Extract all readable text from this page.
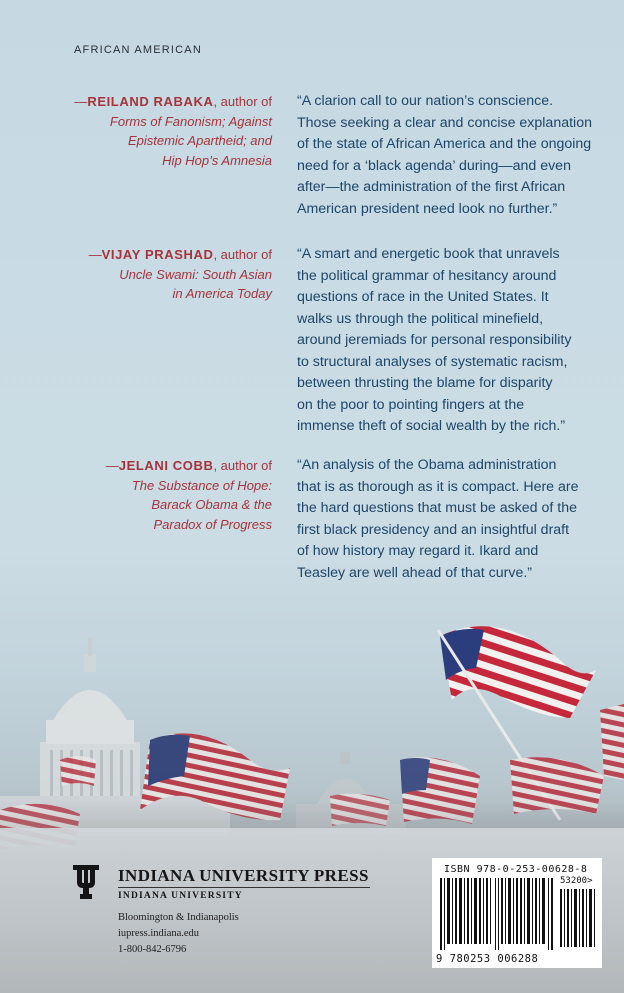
AFRICAN AMERICAN
—REILAND RABAKA, author of
Forms of Fanonism; Against
Epistemic Apartheid; and
Hip Hop’s Amnesia
“A clarion call to our nation’s conscience.
Those seeking a clear and concise explanation
of the state of African America and the ongoing
need for a ‘black agenda’ during—and even
after—the administration of the first African
American president need look no further.”
—VIJAY PRASHAD, author of
Uncle Swami: South Asian
in America Today
“A smart and energetic book that unravels
the political grammar of hesitancy around
questions of race in the United States. It
walks us through the political minefield,
around jeremiads for personal responsibility
to structural analyses of systematic racism,
between thrusting the blame for disparity
on the poor to pointing fingers at the
immense theft of social wealth by the rich.”
—JELANI COBB, author of
The Substance of Hope:
Barack Obama & the
Paradox of Progress
“An analysis of the Obama administration
that is as thorough as it is compact. Here are
the hard questions that must be asked of the
first black presidency and an insightful draft
of how history may regard it. Ikard and
Teasley are well ahead of that curve.”
INDIANA UNIVERSITY PRESS
INDIANA UNIVERSITY
Bloomington & Indianapolis
iupress.indiana.edu
1-800-842-6796
ISBN 978-0-253-00628-8
53200>
9 780253 006288
